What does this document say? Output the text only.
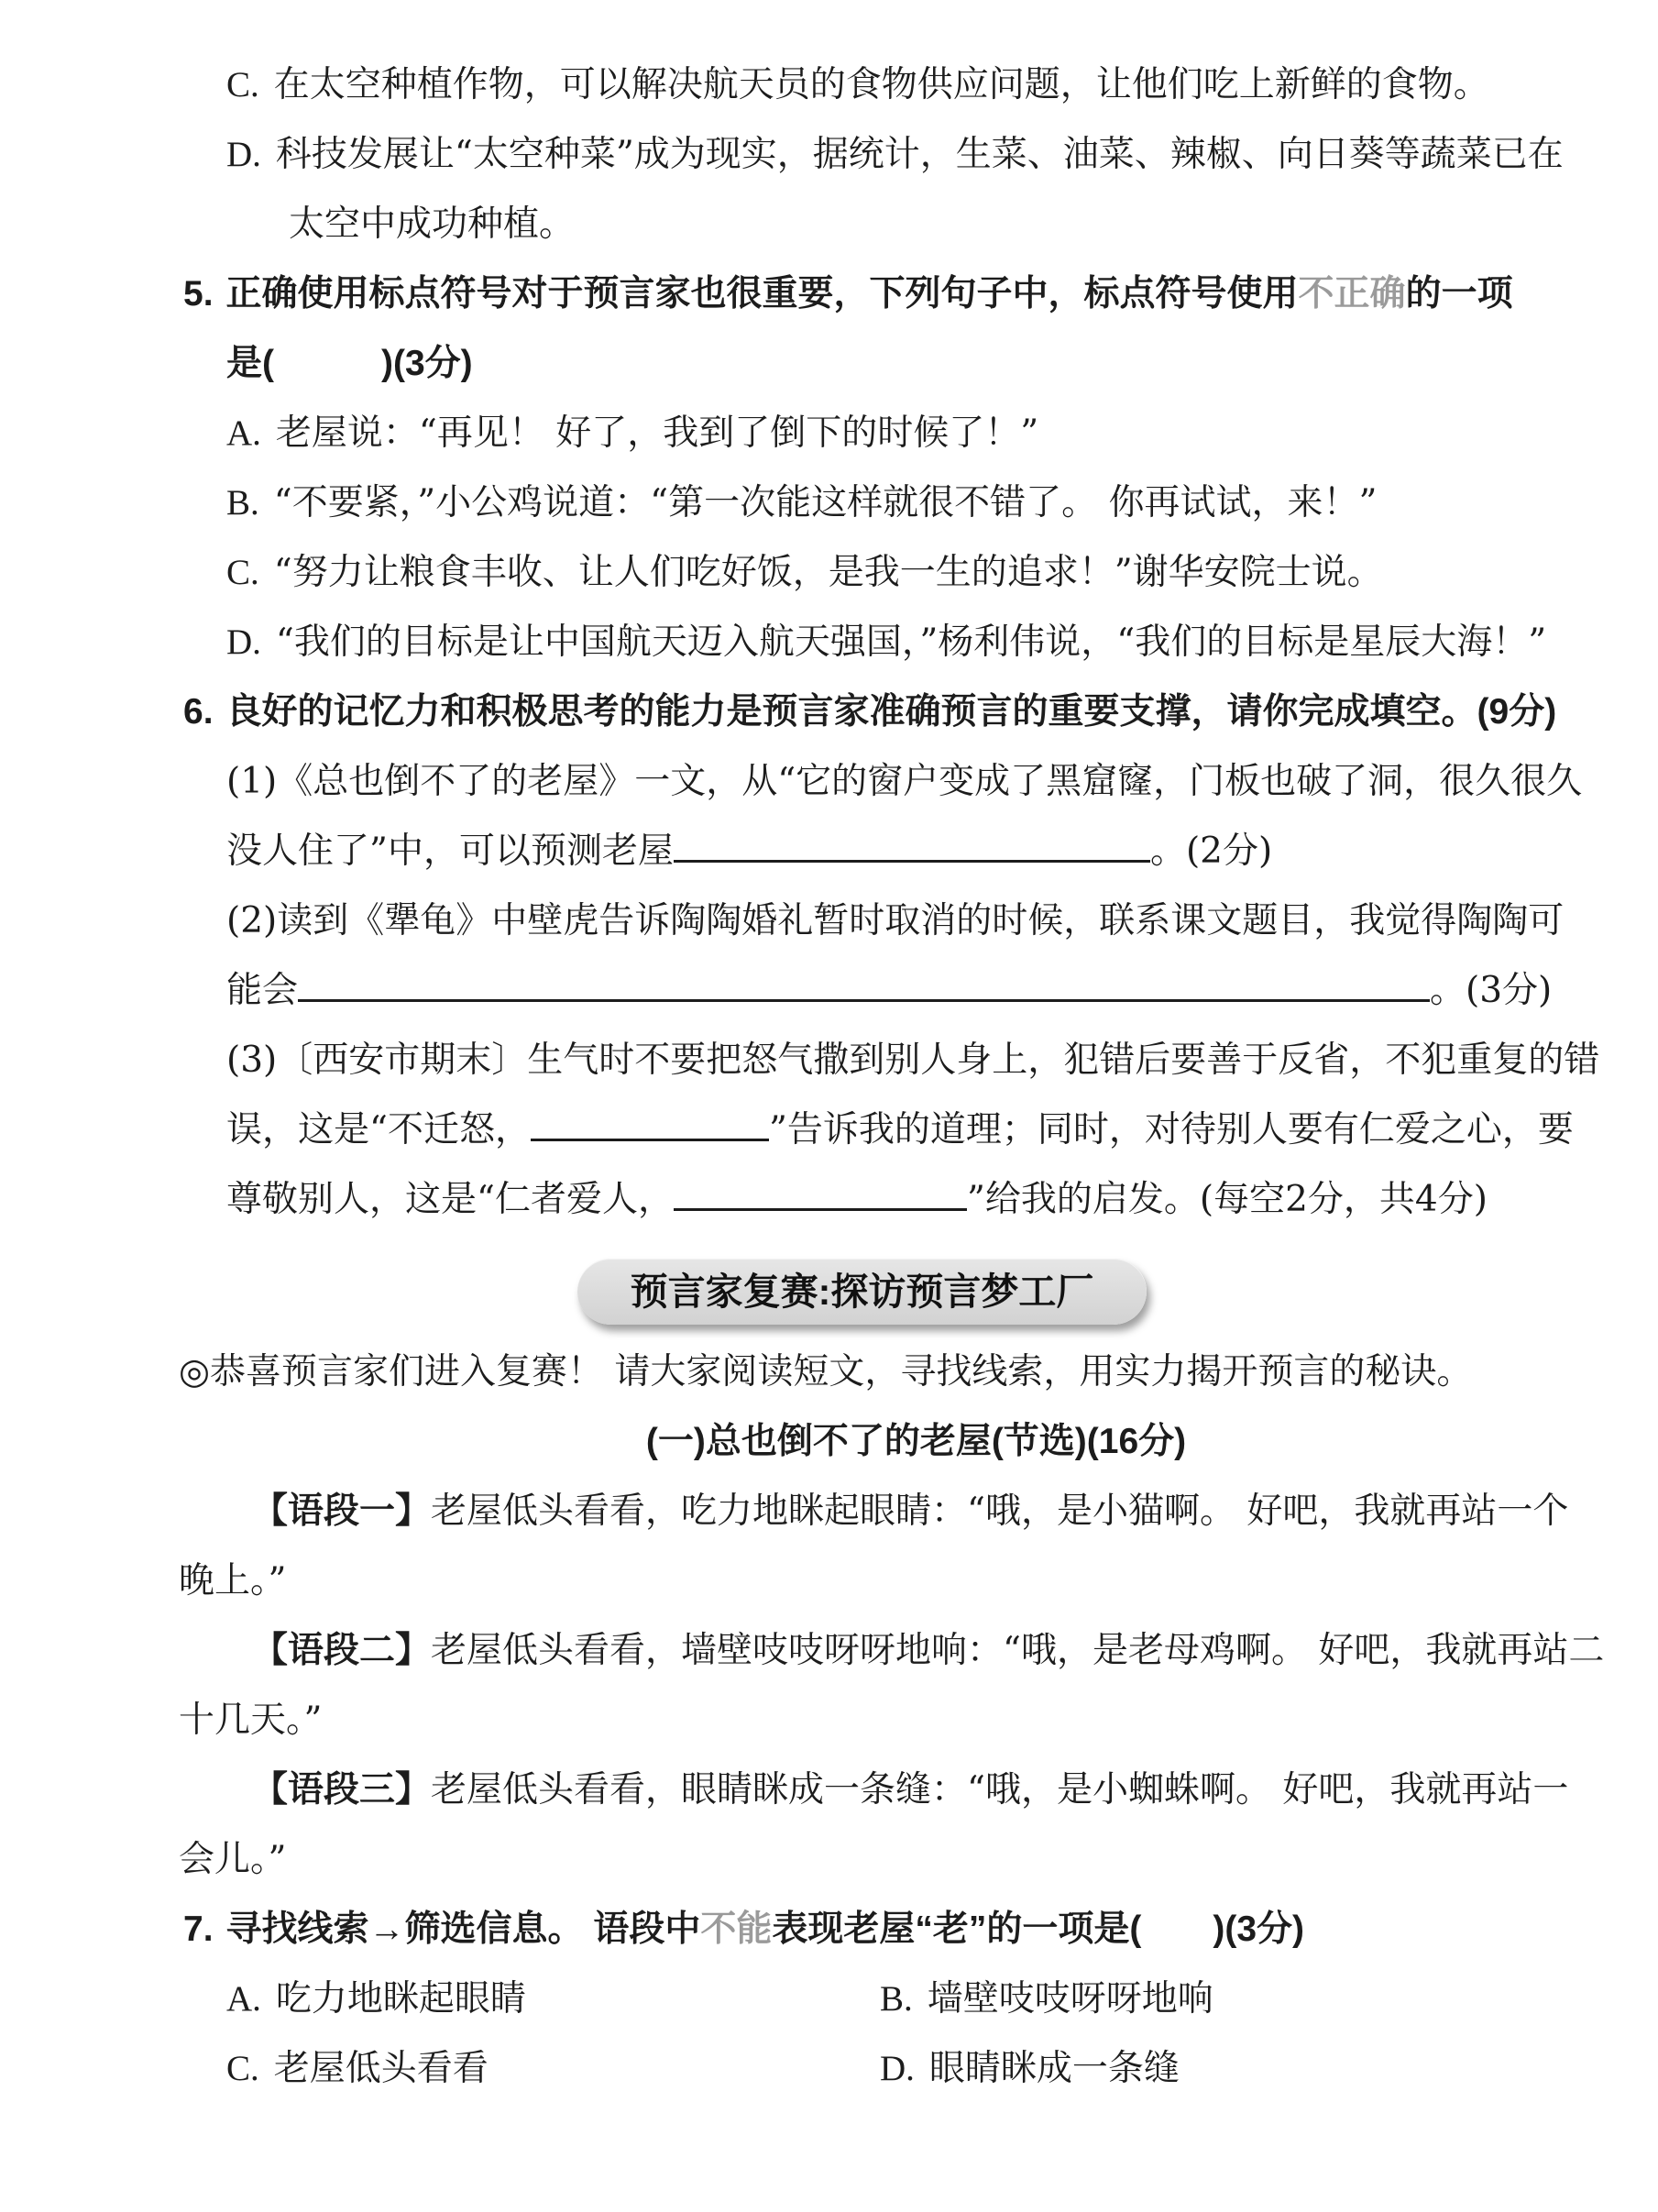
C. 在太空种植作物，可以解决航天员的食物供应问题，让他们吃上新鲜的食物。
D. 科技发展让“太空种菜”成为现实，据统计，生菜、油菜、辣椒、向日葵等蔬菜已在
太空中成功种植。
5. 正确使用标点符号对于预言家也很重要，下列句子中，标点符号使用不正确的一项
是(　　　)(3分)
A. 老屋说：“再见！ 好了，我到了倒下的时候了！”
B. “不要紧，”小公鸡说道：“第一次能这样就很不错了。 你再试试，来！”
C. “努力让粮食丰收、让人们吃好饭，是我一生的追求！”谢华安院士说。
D. “我们的目标是让中国航天迈入航天强国，”杨利伟说，“我们的目标是星辰大海！”
6. 良好的记忆力和积极思考的能力是预言家准确预言的重要支撑，请你完成填空。(9分)
(1)《总也倒不了的老屋》一文，从“它的窗户变成了黑窟窿，门板也破了洞，很久很久
没人住了”中，可以预测老屋	。(2分)
(2)读到《犟龟》中壁虎告诉陶陶婚礼暂时取消的时候，联系课文题目，我觉得陶陶可
能会	。(3分)
(3)〔西安市期末〕生气时不要把怒气撒到别人身上，犯错后要善于反省，不犯重复的错
误，这是“不迁怒，	”告诉我的道理；同时，对待别人要有仁爱之心，要
尊敬别人，这是“仁者爱人，	”给我的启发。(每空2分，共4分)
预言家复赛:探访预言梦工厂
◎恭喜预言家们进入复赛！ 请大家阅读短文，寻找线索，用实力揭开预言的秘诀。
(一)总也倒不了的老屋(节选)(16分)
【语段一】老屋低头看看，吃力地眯起眼睛：“哦，是小猫啊。 好吧，我就再站一个
晚上。”
【语段二】老屋低头看看，墙壁吱吱呀呀地响：“哦，是老母鸡啊。 好吧，我就再站二
十几天。”
【语段三】老屋低头看看，眼睛眯成一条缝：“哦，是小蜘蛛啊。 好吧，我就再站一
会儿。”
7. 寻找线索→筛选信息。 语段中不能表现老屋“老”的一项是(　　)(3分)
A. 吃力地眯起眼睛	B. 墙壁吱吱呀呀地响
C. 老屋低头看看	D. 眼睛眯成一条缝
